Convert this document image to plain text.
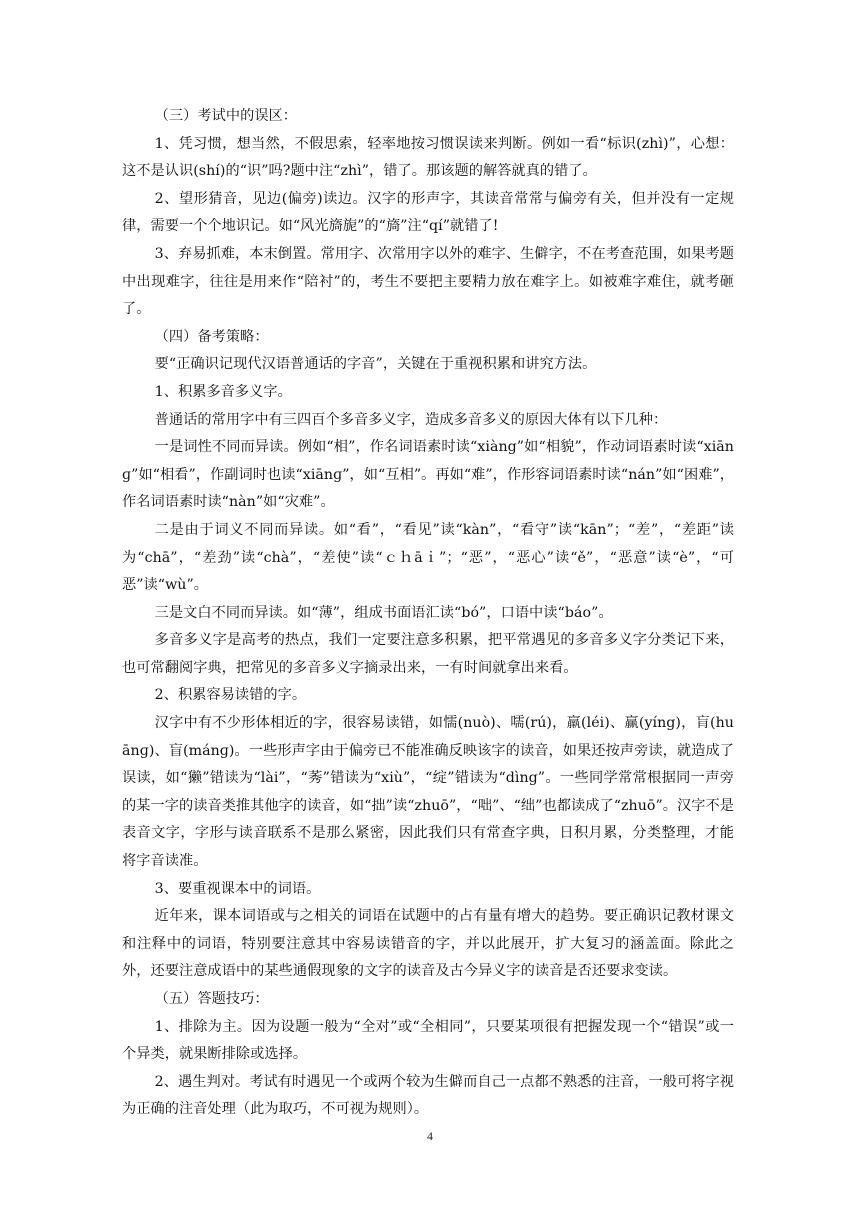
（三）考试中的误区：

1、凭习惯，想当然，不假思索，轻率地按习惯误读来判断。例如一看“标识(zhì)”，心想：这不是认识(shí)的“识”吗?题中注“zhì”，错了。那该题的解答就真的错了。

2、望形猜音，见边(偏旁)读边。汉字的形声字，其读音常常与偏旁有关，但并没有一定规律，需要一个个地识记。如“风光旖旎”的“旖”注“qí”就错了!

3、弃易抓难，本末倒置。常用字、次常用字以外的难字、生僻字，不在考查范围，如果考题中出现难字，往往是用来作“陪衬”的，考生不要把主要精力放在难字上。如被难字难住，就考砸了。

（四）备考策略：

要“正确识记现代汉语普通话的字音”，关键在于重视积累和讲究方法。

1、积累多音多义字。

普通话的常用字中有三四百个多音多义字，造成多音多义的原因大体有以下几种：

一是词性不同而异读。例如“相”，作名词语素时读“xiàng”如“相貌”，作动词语素时读“xiānɡ”如“相看”，作副词时也读“xiānɡ”，如“互相”。再如“难”，作形容词语素时读“nán”如“困难”，作名词语素时读“nàn”如“灾难”。

二是由于词义不同而异读。如“看”，“看见”读“kàn”，“看守”读“kān”；“差”，“差距”读为“chā”，“差劲”读“chà”，“差使”读“ｃｈāｉ”；“恶”，“恶心”读“ě”，“恶意”读“è”，“可恶”读“wù”。

三是文白不同而异读。如“薄”，组成书面语汇读“bó”，口语中读“báo”。

多音多义字是高考的热点，我们一定要注意多积累，把平常遇见的多音多义字分类记下来，也可常翻阅字典，把常见的多音多义字摘录出来，一有时间就拿出来看。

2、积累容易读错的字。

汉字中有不少形体相近的字，很容易读错，如懦(nuò)、嚅(rú)，羸(léi)、赢(yíng)，肓(huānɡ)、盲(mánɡ)。一些形声字由于偏旁已不能准确反映该字的读音，如果还按声旁读，就造成了误读，如“獭”错读为“lài”，“莠”错读为“xiù”，“绽”错读为“dìng”。一些同学常常根据同一声旁的某一字的读音类推其他字的读音，如“拙”读“zhuō”，“咄”、“绌”也都读成了“zhuō”。汉字不是表音文字，字形与读音联系不是那么紧密，因此我们只有常查字典，日积月累，分类整理，才能将字音读准。

3、要重视课本中的词语。

近年来，课本词语或与之相关的词语在试题中的占有量有增大的趋势。要正确识记教材课文和注释中的词语，特别要注意其中容易读错音的字，并以此展开，扩大复习的涵盖面。除此之外，还要注意成语中的某些通假现象的文字的读音及古今异义字的读音是否还要求变读。

（五）答题技巧：

1、排除为主。因为设题一般为“全对”或“全相同”，只要某项很有把握发现一个“错误”或一个异类，就果断排除或选择。

2、遇生判对。考试有时遇见一个或两个较为生僻而自己一点都不熟悉的注音，一般可将字视为正确的注音处理（此为取巧，不可视为规则）。

4
